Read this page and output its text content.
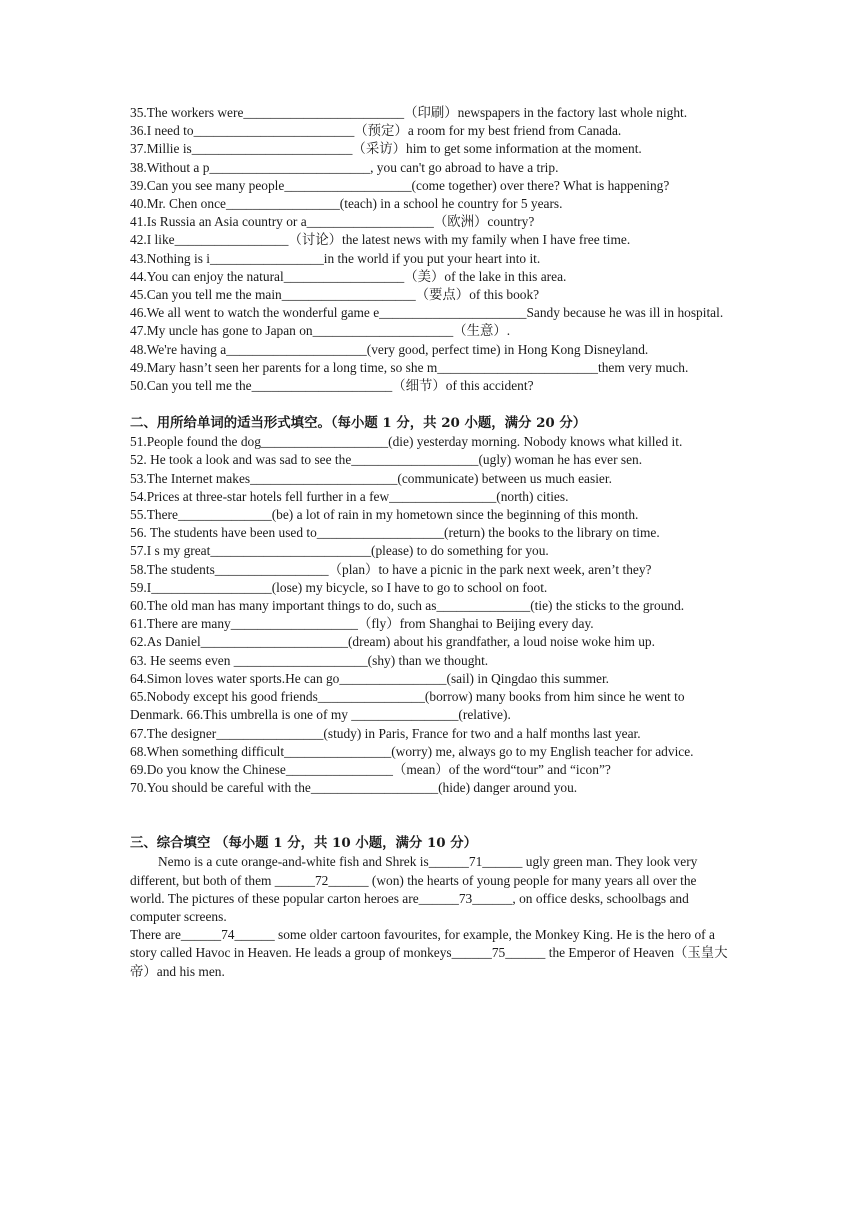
35.The workers were________________________（印刷）newspapers in the factory last whole night.

36.I need to________________________（预定）a room for my best friend from Canada.

37.Millie is________________________（采访）him to get some information at the moment.

38.Without a p________________________, you can't go abroad to have a trip.

39.Can you see many people___________________(come together) over there? What is happening?

40.Mr. Chen once_________________(teach) in a school he country for 5 years.

41.Is Russia an Asia country or a___________________（欧洲）country?

42.I like_________________（讨论）the latest news with my family when I have free time.

43.Nothing is i_________________in the world if you put your heart into it.

44.You can enjoy the natural__________________（美）of the lake in this area.

45.Can you tell me the main____________________（要点）of this book?

46.We all went to watch the wonderful game e______________________Sandy because he was ill in hospital.

47.My uncle has gone to Japan on_____________________（生意）.

48.We're having a_____________________(very good, perfect time) in Hong Kong Disneyland.

49.Mary hasn’t seen her parents for a long time, so she m________________________them very much.

50.Can you tell me the_____________________（细节）of this accident?

二、用所给单词的适当形式填空。（每小题 1 分，共 20 小题，满分 20 分）

51.People found the dog___________________(die) yesterday morning. Nobody knows what killed it.

52. He took a look and was sad to see the___________________(ugly) woman he has ever sen.

53.The Internet makes______________________(communicate) between us much easier.

54.Prices at three-star hotels fell further in a few________________(north) cities.

55.There______________(be) a lot of rain in my hometown since the beginning of this month.

56. The students have been used to___________________(return) the books to the library on time.

57.I s my great________________________(please) to do something for you.

58.The students_________________（plan）to have a picnic in the park next week, aren’t they?

59.I__________________(lose) my bicycle, so I have to go to school on foot.

60.The old man has many important things to do, such as______________(tie) the sticks to the ground.

61.There are many___________________（fly）from Shanghai to Beijing every day.

62.As Daniel______________________(dream) about his grandfather, a loud noise woke him up.

63. He seems even ____________________(shy) than we thought.

64.Simon loves water sports.He can go________________(sail) in Qingdao this summer.

65.Nobody except his good friends________________(borrow) many books from him since he went to Denmark. 66.This umbrella is one of my ________________(relative).

67.The designer________________(study) in Paris, France for two and a half months last year.

68.When something difficult________________(worry) me, always go to my English teacher for advice.

69.Do you know the Chinese________________（mean）of the word“tour” and “icon”?

70.You should be careful with the___________________(hide) danger around you.

三、综合填空 （每小题 1 分，共 10 小题，满分 10 分）

Nemo is a cute orange-and-white fish and Shrek is______71______ ugly green man. They look very different, but both of them ______72______ (won) the hearts of young people for many years all over the world. The pictures of these popular carton heroes are______73______, on office desks, schoolbags and computer screens.

There are______74______ some older cartoon favourites, for example, the Monkey King. He is the hero of a story called Havoc in Heaven. He leads a group of monkeys______75______ the Emperor of Heaven（玉皇大帝）and his men.
